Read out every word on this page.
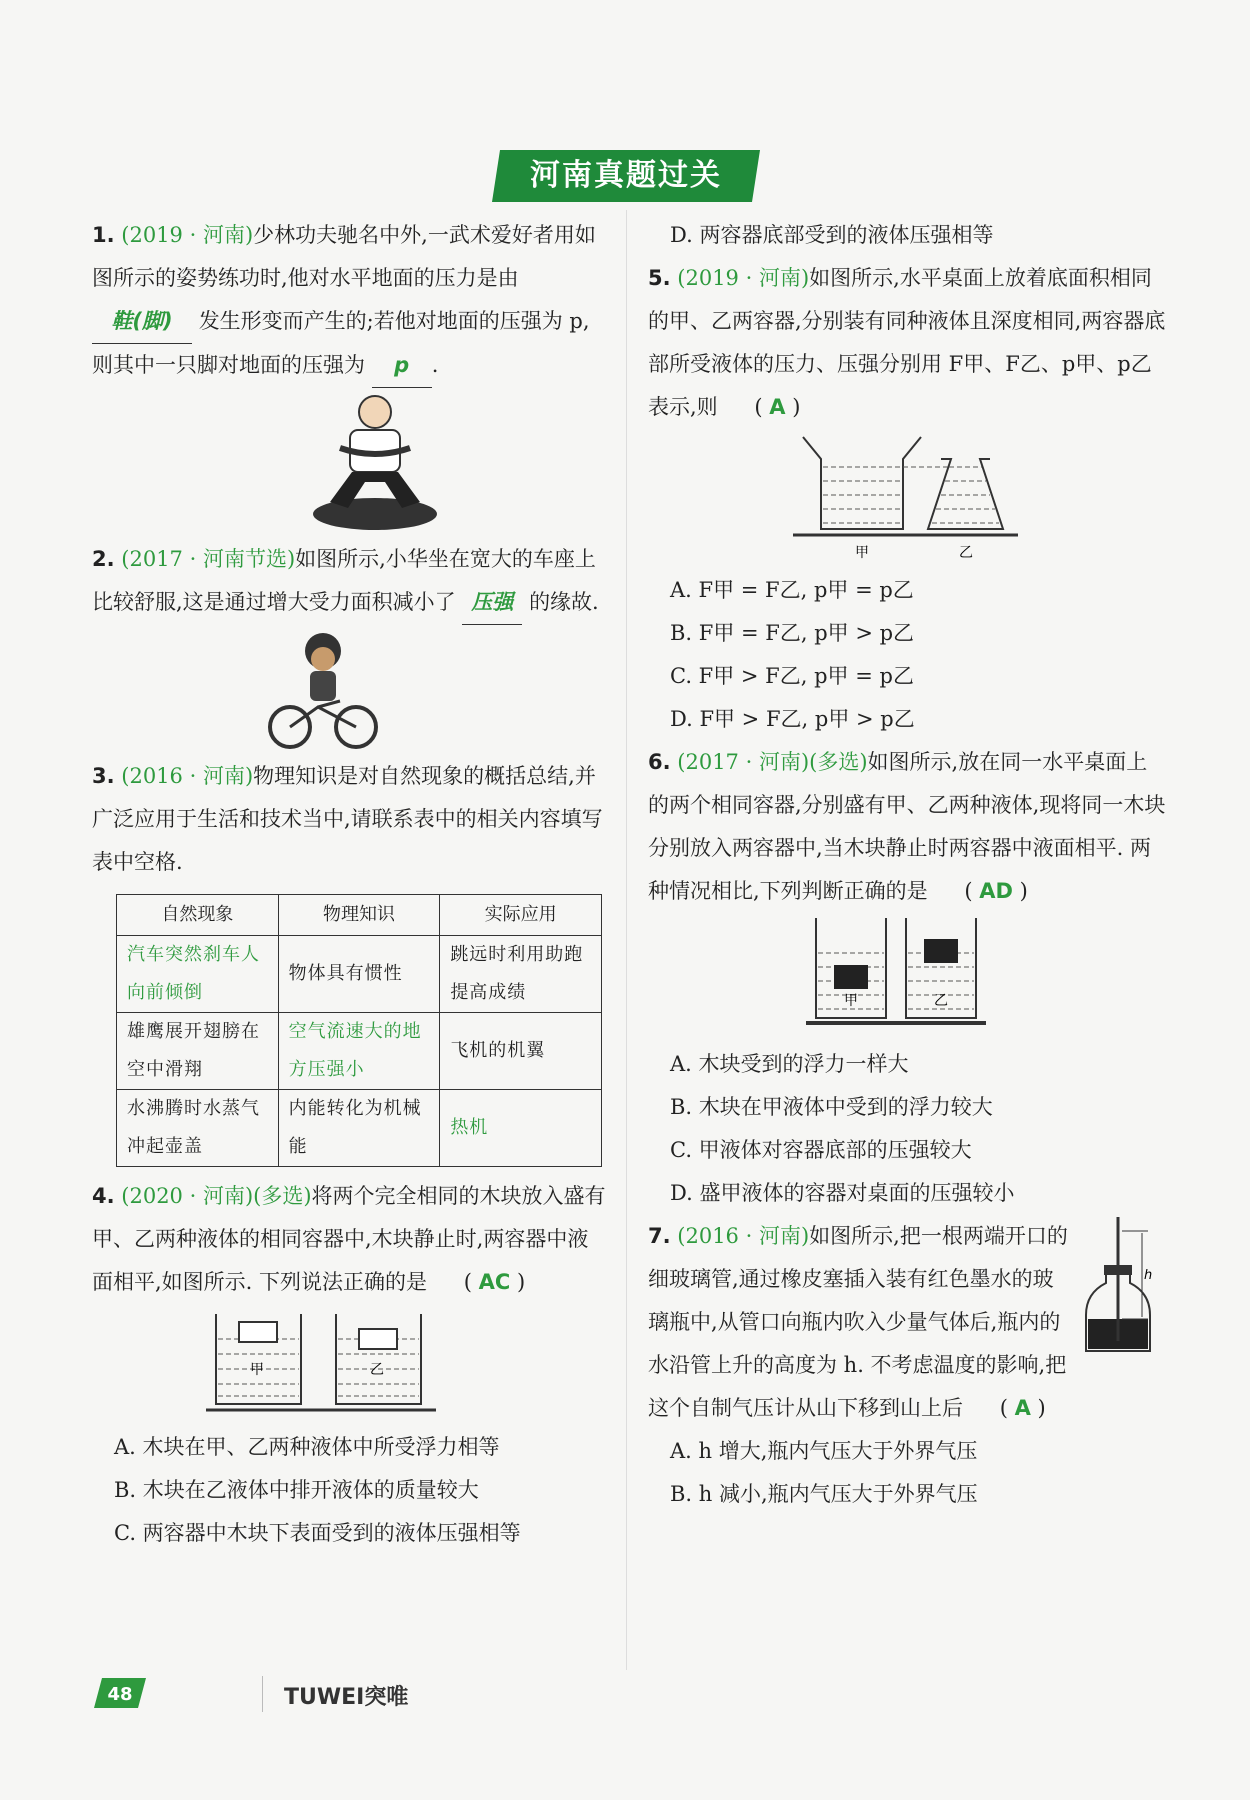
河南真题过关
1. (2019 · 河南)少林功夫驰名中外,一武术爱好者用如图所示的姿势练功时,他对水平地面的压力是由 鞋(脚) 发生形变而产生的;若他对地面的压强为 p,则其中一只脚对地面的压强为 p .
2. (2017 · 河南节选)如图所示,小华坐在宽大的车座上比较舒服,这是通过增大受力面积减小了 压强 的缘故.
3. (2016 · 河南)物理知识是对自然现象的概括总结,并广泛应用于生活和技术当中,请联系表中的相关内容填写表中空格.
自然现象	物理知识	实际应用
汽车突然刹车人向前倾倒	物体具有惯性	跳远时利用助跑提高成绩
雄鹰展开翅膀在空中滑翔	空气流速大的地方压强小	飞机的机翼
水沸腾时水蒸气冲起壶盖	内能转化为机械能	热机
4. (2020 · 河南)(多选)将两个完全相同的木块放入盛有甲、乙两种液体的相同容器中,木块静止时,两容器中液面相平,如图所示. 下列说法正确的是 ( AC )
甲	乙
A. 木块在甲、乙两种液体中所受浮力相等
B. 木块在乙液体中排开液体的质量较大
C. 两容器中木块下表面受到的液体压强相等
D. 两容器底部受到的液体压强相等
5. (2019 · 河南)如图所示,水平桌面上放着底面积相同的甲、乙两容器,分别装有同种液体且深度相同,两容器底部所受液体的压力、压强分别用 F甲、F乙、p甲、p乙 表示,则 ( A )
甲	乙
A. F甲 = F乙, p甲 = p乙
B. F甲 = F乙, p甲 > p乙
C. F甲 > F乙, p甲 = p乙
D. F甲 > F乙, p甲 > p乙
6. (2017 · 河南)(多选)如图所示,放在同一水平桌面上的两个相同容器,分别盛有甲、乙两种液体,现将同一木块分别放入两容器中,当木块静止时两容器中液面相平. 两种情况相比,下列判断正确的是 ( AD )
甲	乙
A. 木块受到的浮力一样大
B. 木块在甲液体中受到的浮力较大
C. 甲液体对容器底部的压强较大
D. 盛甲液体的容器对桌面的压强较小
h
7. (2016 · 河南)如图所示,把一根两端开口的细玻璃管,通过橡皮塞插入装有红色墨水的玻璃瓶中,从管口向瓶内吹入少量气体后,瓶内的水沿管上升的高度为 h. 不考虑温度的影响,把这个自制气压计从山下移到山上后 ( A )
A. h 增大,瓶内气压大于外界气压
B. h 减小,瓶内气压大于外界气压
48	TUWEI突唯
